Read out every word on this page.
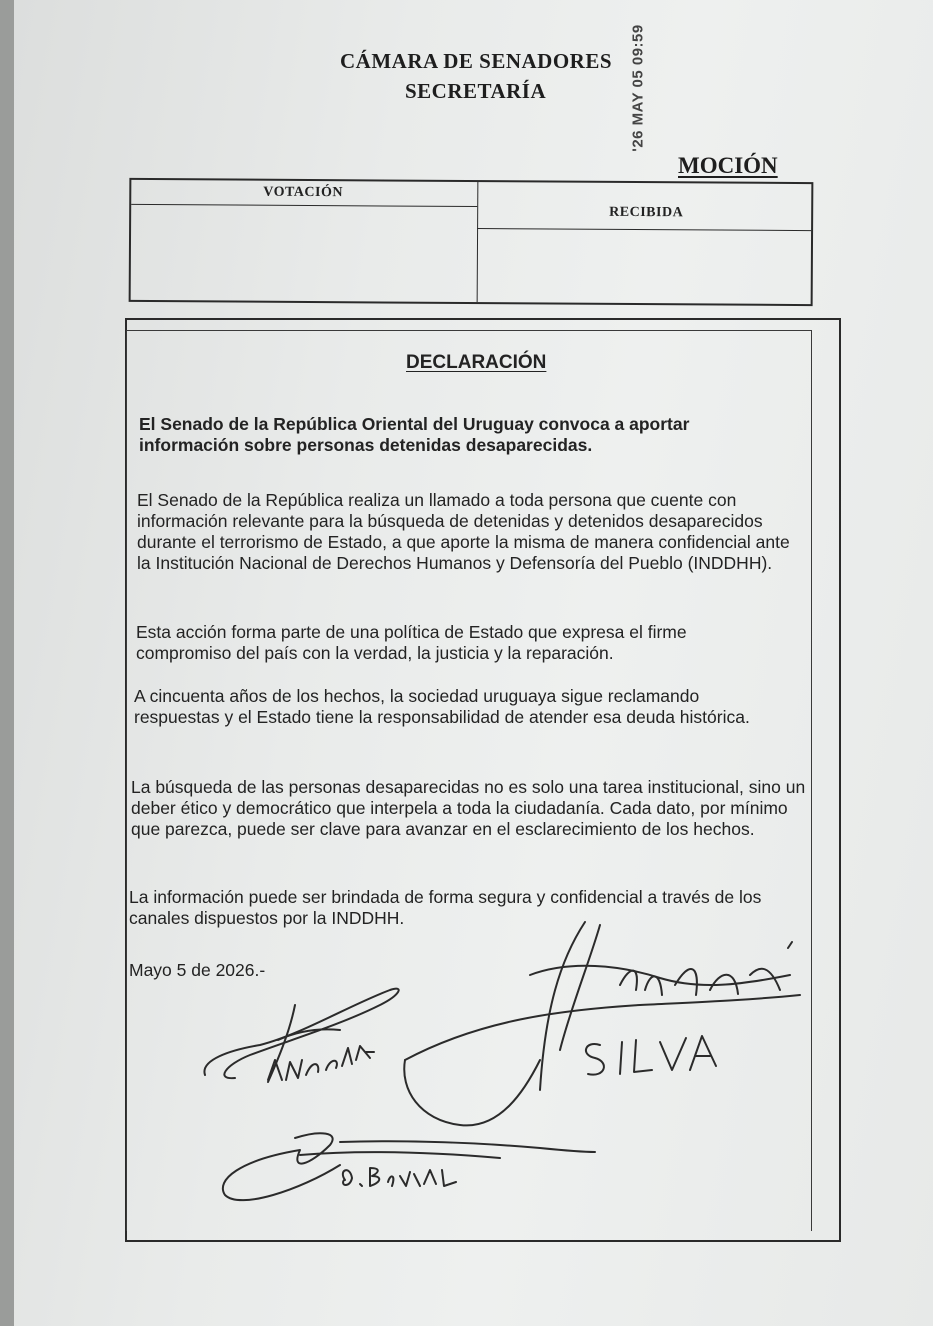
CÁMARA DE SENADORES
SECRETARÍA	'26 MAY 05 09:59
MOCIÓN
VOTACIÓN
RECIBIDA
DECLARACIÓN

El Senado de la República Oriental del Uruguay convoca a aportar información sobre personas detenidas desaparecidas.

El Senado de la República realiza un llamado a toda persona que cuente con información relevante para la búsqueda de detenidas y detenidos desaparecidos durante el terrorismo de Estado, a que aporte la misma de manera confidencial ante la Institución Nacional de Derechos Humanos y Defensoría del Pueblo (INDDHH).

Esta acción forma parte de una política de Estado que expresa el firme compromiso del país con la verdad, la justicia y la reparación.

A cincuenta años de los hechos, la sociedad uruguaya sigue reclamando respuestas y el Estado tiene la responsabilidad de atender esa deuda histórica.

La búsqueda de las personas desaparecidas no es solo una tarea institucional, sino un deber ético y democrático que interpela a toda la ciudadanía. Cada dato, por mínimo que parezca, puede ser clave para avanzar en el esclarecimiento de los hechos.

La información puede ser brindada de forma segura y confidencial a través de los canales dispuestos por la INDDHH.

Mayo 5 de 2026.-
